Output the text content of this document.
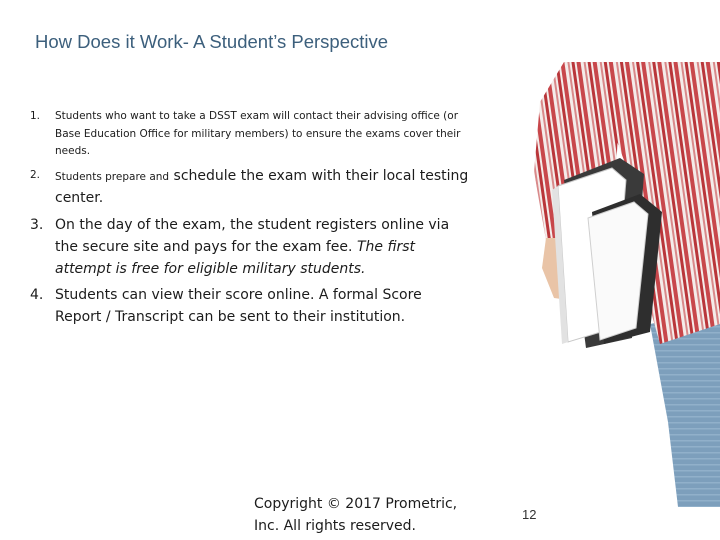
How Does it Work- A Student’s Perspective
1.	Students who want to take a DSST exam will contact their advising office (or Base Education Office for military members) to ensure the exams cover their needs.
2.	Students prepare and schedule the exam with their local testing center.
3. On the day of the exam, the student registers online via the secure site and pays for the exam fee. The first attempt is free for eligible military students.
4. Students can view their score online. A formal Score Report / Transcript can be sent to their institution.
Copyright © 2017 Prometric, Inc. All rights reserved.
12
